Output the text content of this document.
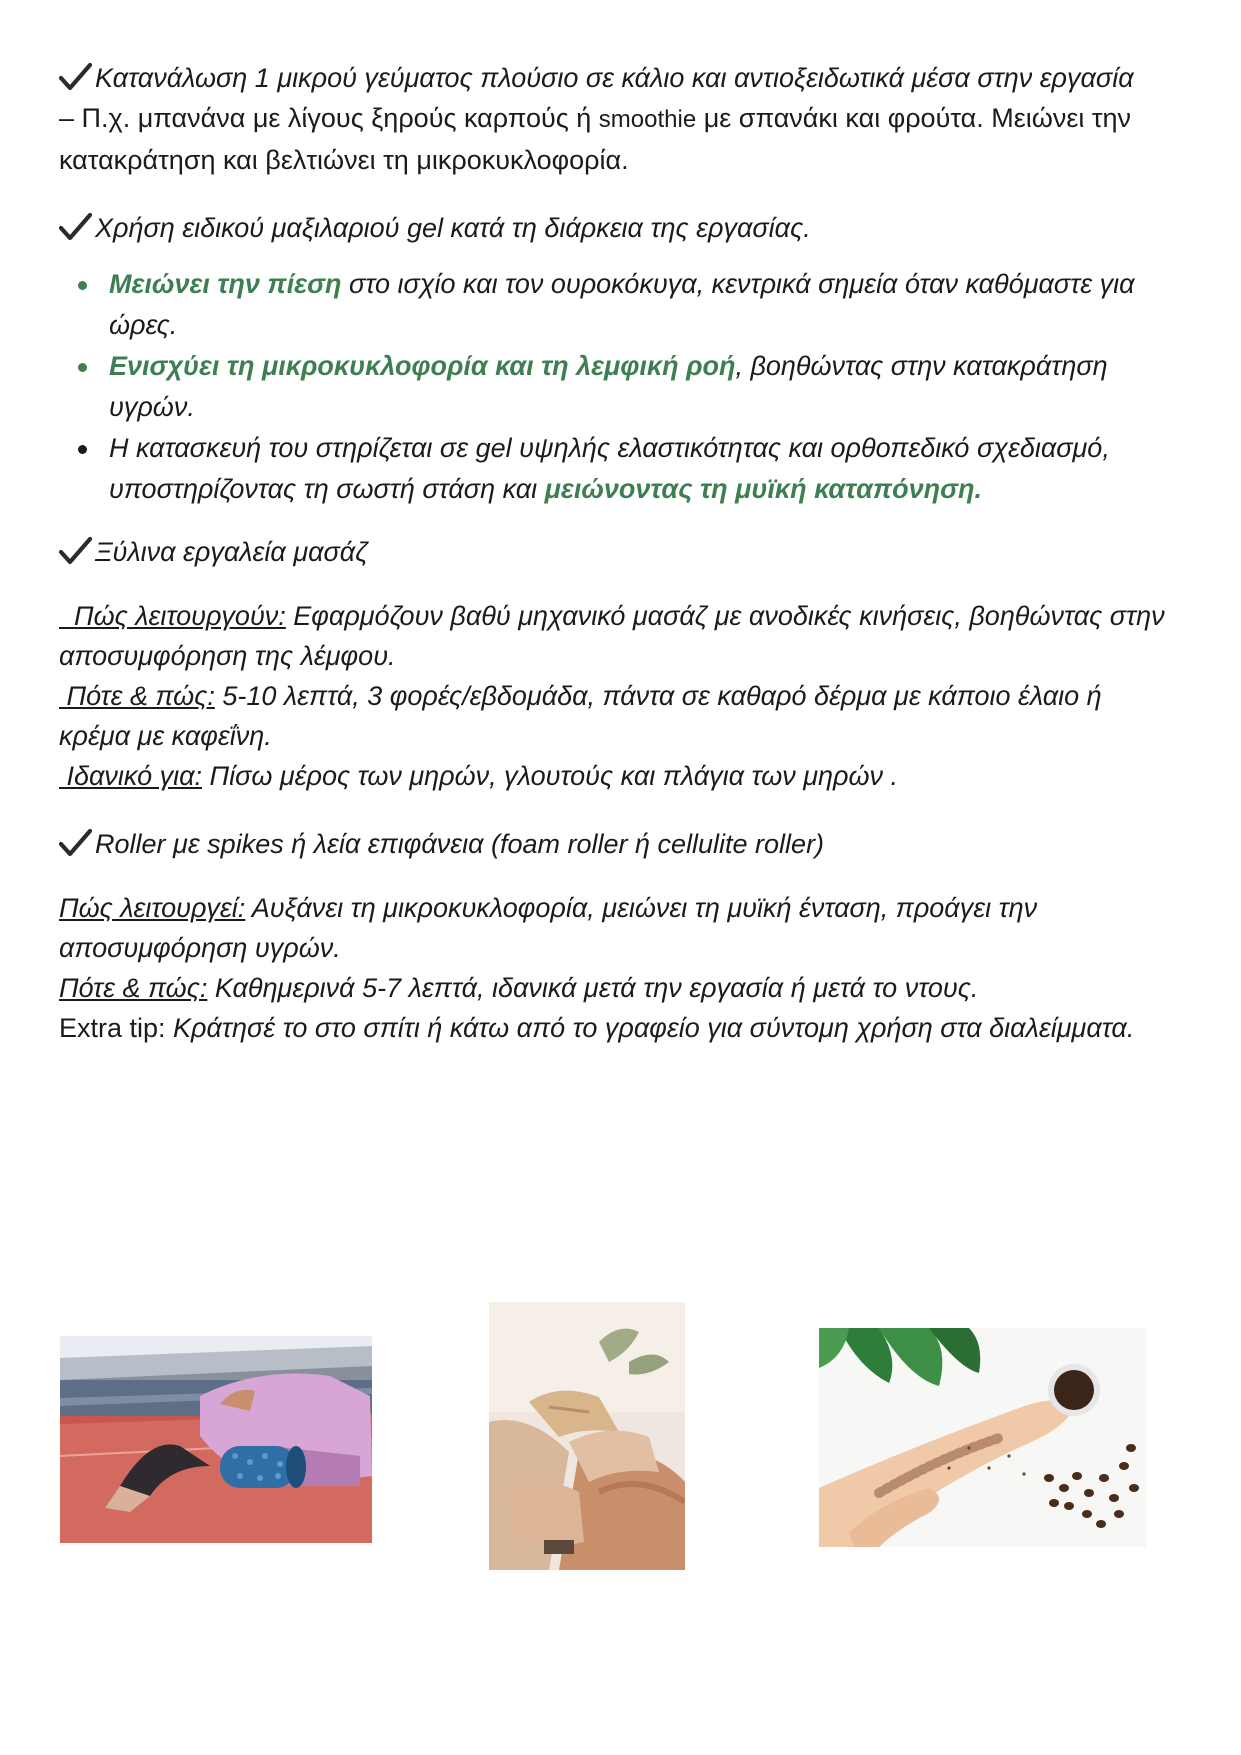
Κατανάλωση 1 μικρού γεύματος πλούσιο σε κάλιο και αντιοξειδωτικά μέσα στην εργασία

– Π.χ. μπανάνα με λίγους ξηρούς καρπούς ή smoothie με σπανάκι και φρούτα. Μειώνει την κατακράτηση και βελτιώνει τη μικροκυκλοφορία.

Χρήση ειδικού μαξιλαριού gel κατά τη διάρκεια της εργασίας.

Μειώνει την πίεση στο ισχίο και τον ουροκόκυγα, κεντρικά σημεία όταν καθόμαστε για ώρες.
Ενισχύει τη μικροκυκλοφορία και τη λεμφική ροή, βοηθώντας στην κατακράτηση υγρών.
Η κατασκευή του στηρίζεται σε gel υψηλής ελαστικότητας και ορθοπεδικό σχεδιασμό, υποστηρίζοντας τη σωστή στάση και μειώνοντας τη μυϊκή καταπόνηση.

Ξύλινα εργαλεία μασάζ

Πώς λειτουργούν: Εφαρμόζουν βαθύ μηχανικό μασάζ με ανοδικές κινήσεις, βοηθώντας στην αποσυμφόρηση της λέμφου.

Πότε & πώς: 5-10 λεπτά, 3 φορές/εβδομάδα, πάντα σε καθαρό δέρμα με κάποιο έλαιο ή κρέμα με καφεΐνη.

Ιδανικό για: Πίσω μέρος των μηρών, γλουτούς και πλάγια των μηρών .

Roller με spikes ή λεία επιφάνεια (foam roller ή cellulite roller)

Πώς λειτουργεί: Αυξάνει τη μικροκυκλοφορία, μειώνει τη μυϊκή ένταση, προάγει την αποσυμφόρηση υγρών.

Πότε & πώς: Καθημερινά 5-7 λεπτά, ιδανικά μετά την εργασία ή μετά το ντους.

Extra tip: Κράτησέ το στο σπίτι ή κάτω από το γραφείο για σύντομη χρήση στα διαλείμματα.
